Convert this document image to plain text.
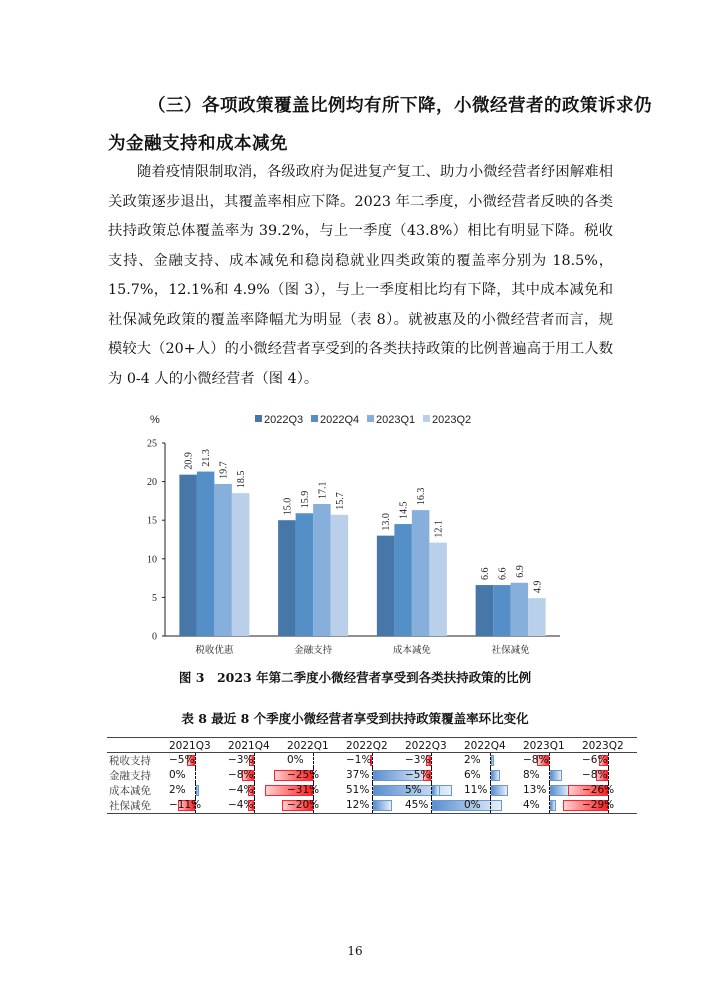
（三）各项政策覆盖比例均有所下降，小微经营者的政策诉求仍
为金融支持和成本减免

随着疫情限制取消，各级政府为促进复产复工、助力小微经营者纾困解难相关政策逐步退出，其覆盖率相应下降。2023 年二季度，小微经营者反映的各类扶持政策总体覆盖率为 39.2%，与上一季度（43.8%）相比有明显下降。税收支持、金融支持、成本减免和稳岗稳就业四类政策的覆盖率分别为 18.5%，15.7%，12.1%和 4.9%（图 3），与上一季度相比均有下降，其中成本减免和社保减免政策的覆盖率降幅尤为明显（表 8）。就被惠及的小微经营者而言，规模较大（20+人）的小微经营者享受到的各类扶持政策的比例普遍高于用工人数为 0-4 人的小微经营者（图 4）。

%	2022Q3 2022Q4 2023Q1 2023Q2
0
5
10
15
20
25
20.9 21.3
19.7
18.5
税收优惠
15.0 15.9
17.1
15.7
金融支持
13.0
14.5
16.3
12.1
成本减免
6.6 6.6 6.9
4.9
社保减免
图 3　2023 年第二季度小微经营者享受到各类扶持政策的比例
表 8 最近 8 个季度小微经营者享受到扶持政策覆盖率环比变化
	2021Q3	2021Q4	2022Q1	2022Q2	2022Q3	2022Q4	2023Q1	2023Q2
税收支持	−5%	−3%	0%	−1%	−3%	2%	−8%	−6%

金融支持	0%	−8%	−25%	37%	−5%	6%	8%	−8%

成本减免	2%	−4%	−31%	51%	5%	11%	13%	−26%

社保减免	−11%	−4%	−20%	12%	45%	0%	4%	−29%
16
